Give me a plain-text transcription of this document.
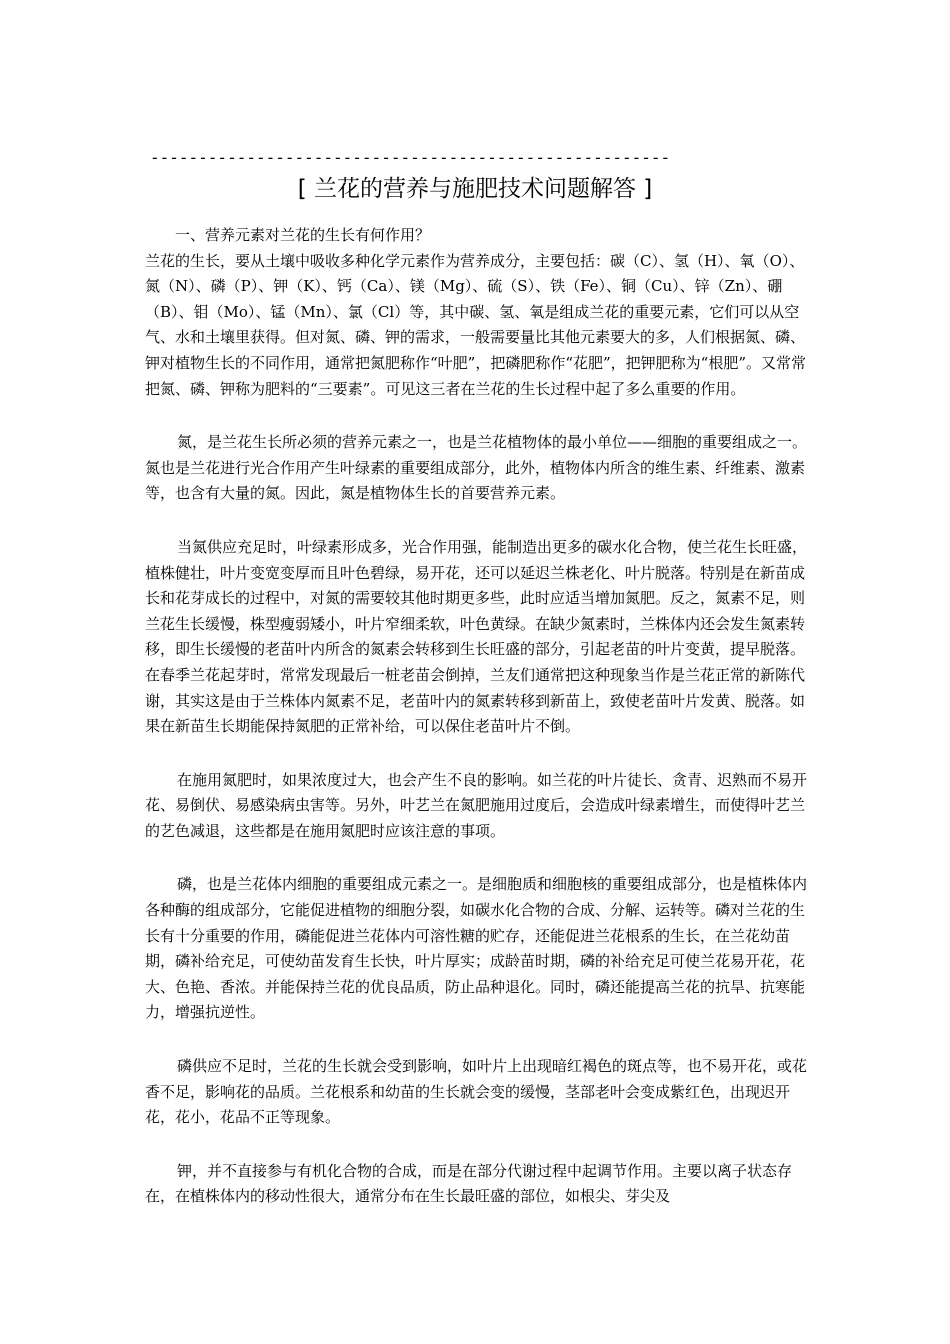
------------------------------------------------------
[ 兰花的营养与施肥技术问题解答 ]

一、营养元素对兰花的生长有何作用？

兰花的生长，要从土壤中吸收多种化学元素作为营养成分，主要包括：碳（C）、氢（H）、氧（O）、氮（N）、磷（P）、钾（K）、钙（Ca）、镁（Mg）、硫（S）、铁（Fe）、铜（Cu）、锌（Zn）、硼（B）、钼（Mo）、锰（Mn）、氯（Cl）等，其中碳、氢、氧是组成兰花的重要元素，它们可以从空气、水和土壤里获得。但对氮、磷、钾的需求，一般需要量比其他元素要大的多，人们根据氮、磷、钾对植物生长的不同作用，通常把氮肥称作“叶肥”，把磷肥称作“花肥”，把钾肥称为“根肥”。又常常把氮、磷、钾称为肥料的“三要素”。可见这三者在兰花的生长过程中起了多么重要的作用。

氮，是兰花生长所必须的营养元素之一，也是兰花植物体的最小单位——细胞的重要组成之一。氮也是兰花进行光合作用产生叶绿素的重要组成部分，此外，植物体内所含的维生素、纤维素、激素等，也含有大量的氮。因此，氮是植物体生长的首要营养元素。

当氮供应充足时，叶绿素形成多，光合作用强，能制造出更多的碳水化合物，使兰花生长旺盛，植株健壮，叶片变宽变厚而且叶色碧绿，易开花，还可以延迟兰株老化、叶片脱落。特别是在新苗成长和花芽成长的过程中，对氮的需要较其他时期更多些，此时应适当增加氮肥。反之，氮素不足，则兰花生长缓慢，株型瘦弱矮小，叶片窄细柔软，叶色黄绿。在缺少氮素时，兰株体内还会发生氮素转移，即生长缓慢的老苗叶内所含的氮素会转移到生长旺盛的部分，引起老苗的叶片变黄，提早脱落。在春季兰花起芽时，常常发现最后一桩老苗会倒掉，兰友们通常把这种现象当作是兰花正常的新陈代谢，其实这是由于兰株体内氮素不足，老苗叶内的氮素转移到新苗上，致使老苗叶片发黄、脱落。如果在新苗生长期能保持氮肥的正常补给，可以保住老苗叶片不倒。

在施用氮肥时，如果浓度过大，也会产生不良的影响。如兰花的叶片徒长、贪青、迟熟而不易开花、易倒伏、易感染病虫害等。另外，叶艺兰在氮肥施用过度后，会造成叶绿素增生，而使得叶艺兰的艺色减退，这些都是在施用氮肥时应该注意的事项。

磷，也是兰花体内细胞的重要组成元素之一。是细胞质和细胞核的重要组成部分，也是植株体内各种酶的组成部分，它能促进植物的细胞分裂，如碳水化合物的合成、分解、运转等。磷对兰花的生长有十分重要的作用，磷能促进兰花体内可溶性糖的贮存，还能促进兰花根系的生长，在兰花幼苗期，磷补给充足，可使幼苗发育生长快，叶片厚实；成龄苗时期，磷的补给充足可使兰花易开花，花大、色艳、香浓。并能保持兰花的优良品质，防止品种退化。同时，磷还能提高兰花的抗旱、抗寒能力，增强抗逆性。

磷供应不足时，兰花的生长就会受到影响，如叶片上出现暗红褐色的斑点等，也不易开花，或花香不足，影响花的品质。兰花根系和幼苗的生长就会变的缓慢，茎部老叶会变成紫红色，出现迟开花，花小，花品不正等现象。

钾，并不直接参与有机化合物的合成，而是在部分代谢过程中起调节作用。主要以离子状态存在，在植株体内的移动性很大，通常分布在生长最旺盛的部位，如根尖、芽尖及
